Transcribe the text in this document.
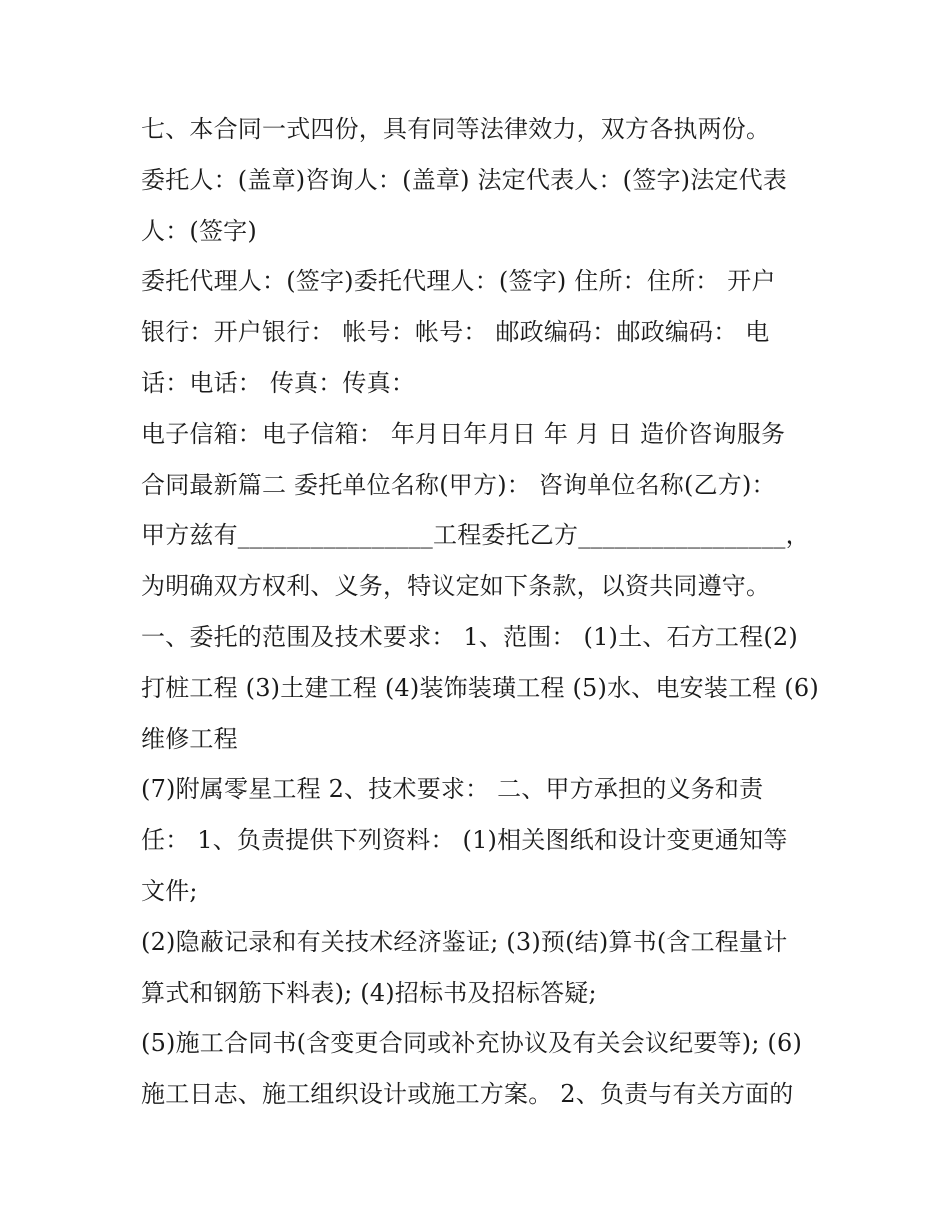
七、本合同一式四份，具有同等法律效力，双方各执两份。
委托人：(盖章)咨询人：(盖章) 法定代表人：(签字)法定代表
人：(签字)
委托代理人：(签字)委托代理人：(签字) 住所：住所： 开户
银行：开户银行： 帐号：帐号： 邮政编码：邮政编码： 电
话：电话： 传真：传真：
电子信箱：电子信箱： 年月日年月日 年 月 日 造价咨询服务
合同最新篇二 委托单位名称(甲方)： 咨询单位名称(乙方)：
甲方兹有________________工程委托乙方_________________，
为明确双方权利、义务，特议定如下条款，以资共同遵守。
一、委托的范围及技术要求： 1、范围： (1)土、石方工程(2)
打桩工程 (3)土建工程 (4)装饰装璜工程 (5)水、电安装工程 (6)
维修工程
(7)附属零星工程 2、技术要求： 二、甲方承担的义务和责
任： 1、负责提供下列资料： (1)相关图纸和设计变更通知等
文件;
(2)隐蔽记录和有关技术经济鉴证; (3)预(结)算书(含工程量计
算式和钢筋下料表); (4)招标书及招标答疑;
(5)施工合同书(含变更合同或补充协议及有关会议纪要等); (6)
施工日志、施工组织设计或施工方案。 2、负责与有关方面的
